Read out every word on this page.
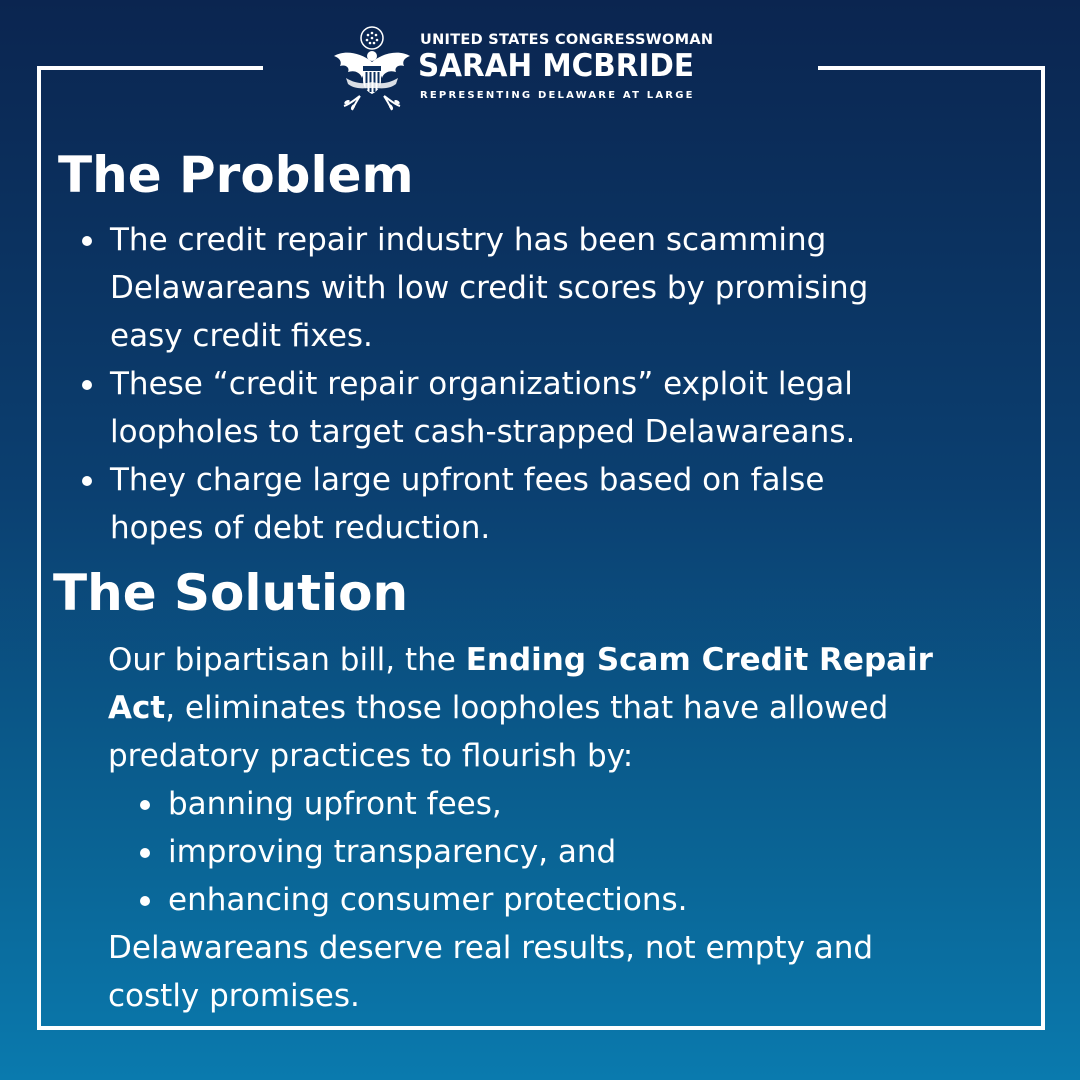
UNITED STATES CONGRESSWOMAN
SARAH MCBRIDE
REPRESENTING DELAWARE AT LARGE
The Problem
The credit repair industry has been scamming
Delawareans with low credit scores by promising
easy credit fixes.
These “credit repair organizations” exploit legal
loopholes to target cash-strapped Delawareans.
They charge large upfront fees based on false
hopes of debt reduction.
The Solution
Our bipartisan bill, the Ending Scam Credit Repair
Act, eliminates those loopholes that have allowed
predatory practices to flourish by:
banning upfront fees,
improving transparency, and
enhancing consumer protections.
Delawareans deserve real results, not empty and
costly promises.
